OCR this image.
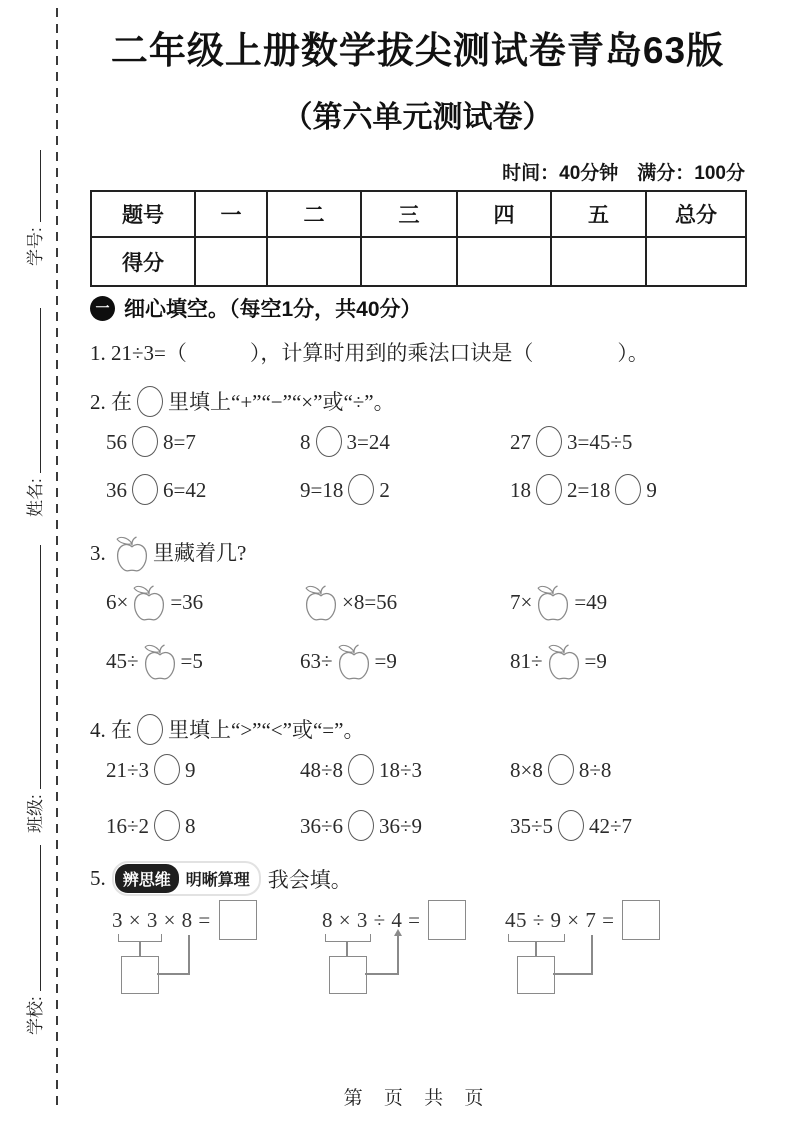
学号:
姓名:
班级:
学校:
二年级上册数学拔尖测试卷青岛63版
（第六单元测试卷）
时间：40分钟　满分：100分
题号	一	二	三	四	五	总分
得分						
一 细心填空。（每空1分，共40分）
1. 21÷3=（　　　），计算时用到的乘法口诀是（　　　　）。
2. 在 里填上“+”“−”“×”或“÷”。
56 8=7	8 3=24	27 3=45÷5
36 6=42	9=18 2	18 2=18 9
3. 里藏着几?
6× =36	×8=56	7× =49
45÷ =5	63÷ =9	81÷ =9
4. 在 里填上“>”“<”或“=”。
21÷3 9	48÷8 18÷3	8×8 8÷8
16÷2 8	36÷6 36÷9	35÷5 42÷7
5.	辨思维 明晰算理 我会填。
3 × 3 × 8 =	8 × 3 ÷ 4 =	45 ÷ 9 × 7 =
第 页 共 页
